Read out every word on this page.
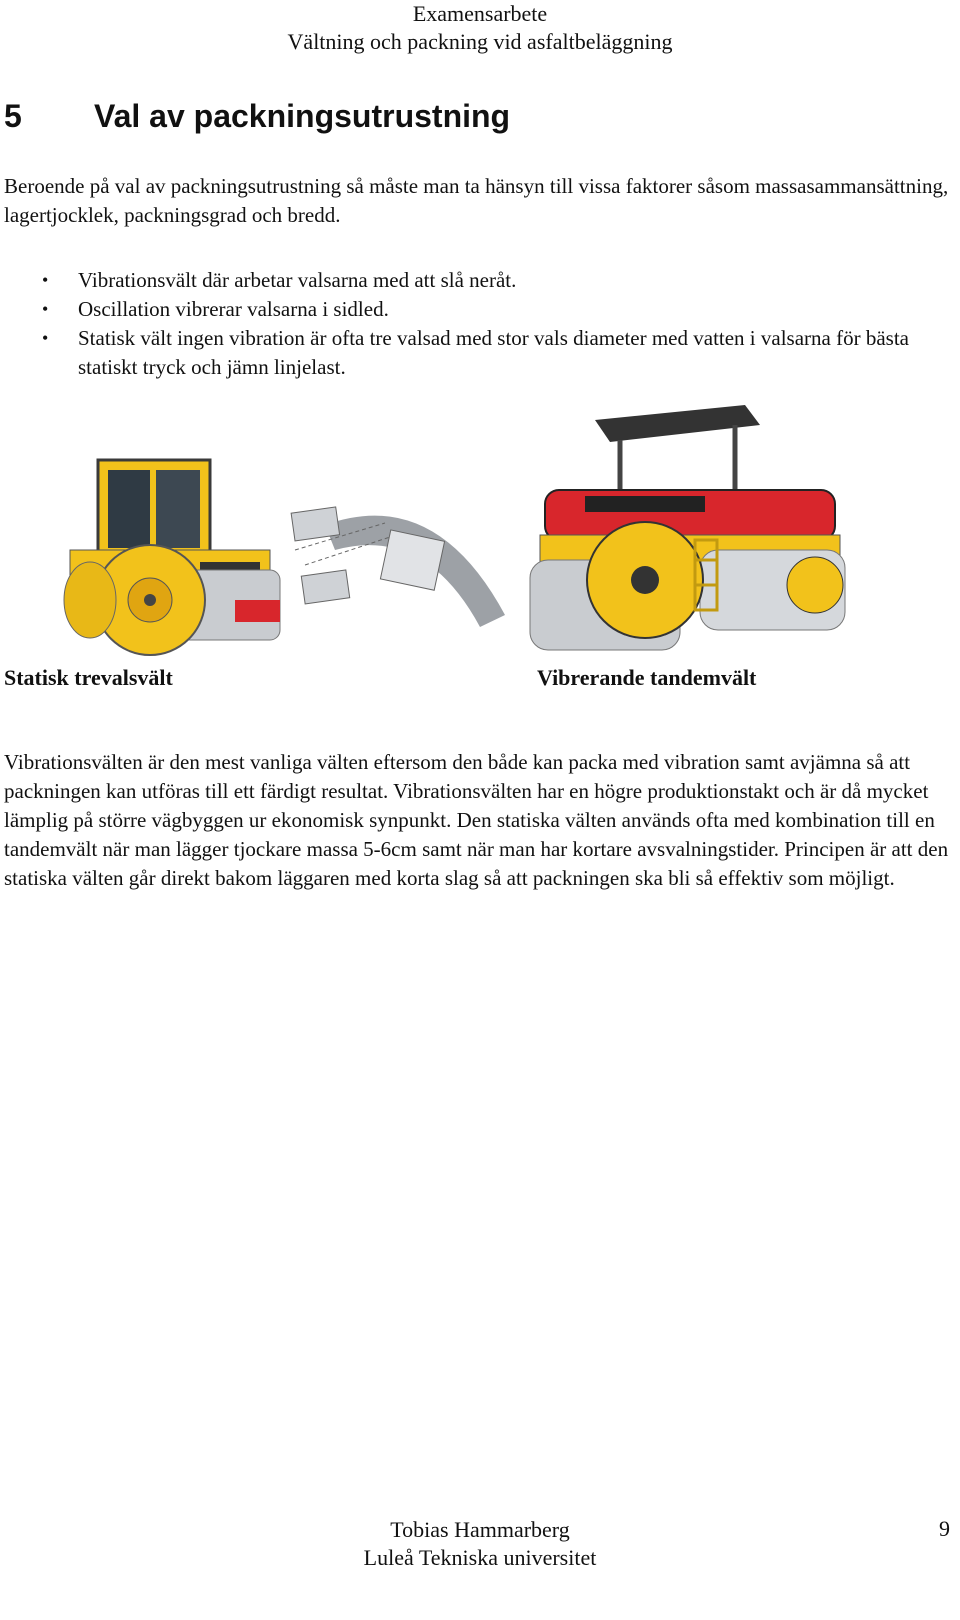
Examensarbete
Vältning och packning vid asfaltbeläggning
5 Val av packningsutrustning
Beroende på val av packningsutrustning så måste man ta hänsyn till vissa faktorer såsom massasammansättning, lagertjocklek, packningsgrad och bredd.
• Vibrationsvält där arbetar valsarna med att slå neråt.
• Oscillation vibrerar valsarna i sidled.
• Statisk vält ingen vibration är ofta tre valsad med stor vals diameter med vatten i valsarna för bästa statiskt tryck och jämn linjelast.
Statisk trevalsvält	Vibrerande tandemvält
Vibrationsvälten är den mest vanliga välten eftersom den både kan packa med vibration samt avjämna så att packningen kan utföras till ett färdigt resultat. Vibrationsvälten har en högre produktionstakt och är då mycket lämplig på större vägbyggen ur ekonomisk synpunkt. Den statiska välten används ofta med kombination till en tandemvält när man lägger tjockare massa 5-6cm samt när man har kortare avsvalningstider. Principen är att den statiska välten går direkt bakom läggaren med korta slag så att packningen ska bli så effektiv som möjligt.
Tobias Hammarberg
Luleå Tekniska universitet
9
